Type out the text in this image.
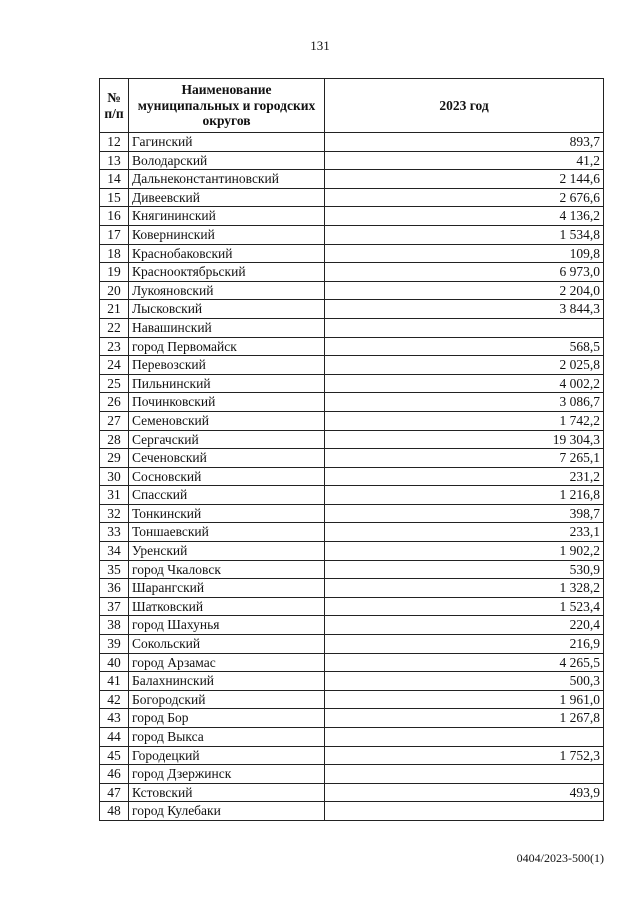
131
№ п/п	Наименование муниципальных и городских округов	2023 год
12	Гагинский	893,7
13	Володарский	41,2
14	Дальнеконстантиновский	2 144,6
15	Дивеевский	2 676,6
16	Княгининский	4 136,2
17	Ковернинский	1 534,8
18	Краснобаковский	109,8
19	Краснооктябрьский	6 973,0
20	Лукояновский	2 204,0
21	Лысковский	3 844,3
22	Навашинский	
23	город Первомайск	568,5
24	Перевозский	2 025,8
25	Пильнинский	4 002,2
26	Починковский	3 086,7
27	Семеновский	1 742,2
28	Сергачский	19 304,3
29	Сеченовский	7 265,1
30	Сосновский	231,2
31	Спасский	1 216,8
32	Тонкинский	398,7
33	Тоншаевский	233,1
34	Уренский	1 902,2
35	город Чкаловск	530,9
36	Шарангский	1 328,2
37	Шатковский	1 523,4
38	город Шахунья	220,4
39	Сокольский	216,9
40	город Арзамас	4 265,5
41	Балахнинский	500,3
42	Богородский	1 961,0
43	город Бор	1 267,8
44	город Выкса	
45	Городецкий	1 752,3
46	город Дзержинск	
47	Кстовский	493,9
48	город Кулебаки	
0404/2023-500(1)
